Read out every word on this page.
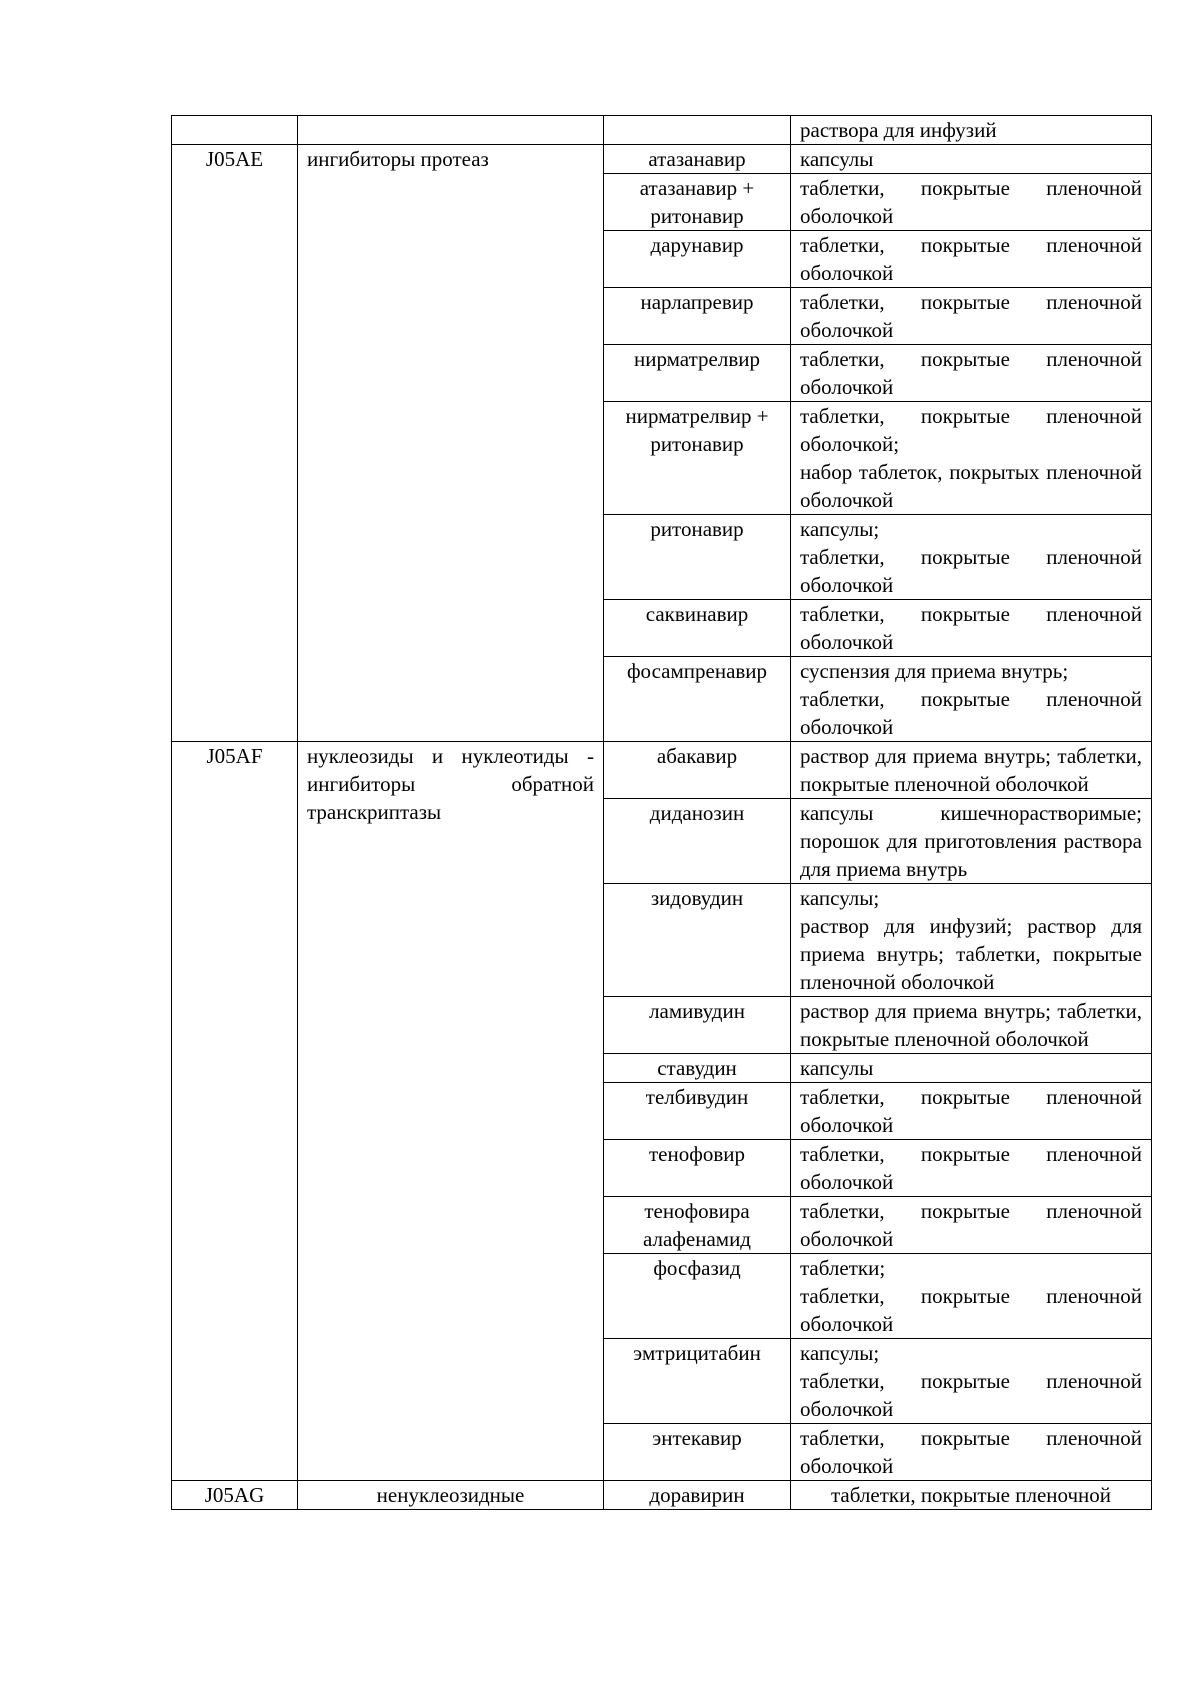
			раствора для инфузий

J05AE	ингибиторы протеаз	атазанавир	капсулы

		атазанавир + ритонавир	таблетки, покрытые пленочной оболочкой

		дарунавир	таблетки, покрытые пленочной оболочкой

		нарлапревир	таблетки, покрытые пленочной оболочкой

		нирматрелвир	таблетки, покрытые пленочной оболочкой

		нирматрелвир + ритонавир	таблетки, покрытые пленочной оболочкой;
набор таблеток, покрытых пленочной оболочкой

		ритонавир	капсулы;
таблетки, покрытые пленочной оболочкой

		саквинавир	таблетки, покрытые пленочной оболочкой

		фосампренавир	суспензия для приема внутрь;
таблетки, покрытые пленочной оболочкой

J05AF	нуклеозиды и нуклеотиды - ингибиторы обратной транскриптазы	абакавир	раствор для приема внутрь; таблетки, покрытые пленочной оболочкой

		диданозин	капсулы кишечнорастворимые; порошок для приготовления раствора для приема внутрь

		зидовудин	капсулы;
раствор для инфузий; раствор для приема внутрь; таблетки, покрытые пленочной оболочкой

		ламивудин	раствор для приема внутрь; таблетки, покрытые пленочной оболочкой

		ставудин	капсулы

		телбивудин	таблетки, покрытые пленочной оболочкой

		тенофовир	таблетки, покрытые пленочной оболочкой

		тенофовира алафенамид	таблетки, покрытые пленочной оболочкой

		фосфазид	таблетки;
таблетки, покрытые пленочной оболочкой

		эмтрицитабин	капсулы;
таблетки, покрытые пленочной оболочкой

		энтекавир	таблетки, покрытые пленочной оболочкой

J05AG	ненуклеозидные	доравирин	таблетки, покрытые пленочной
